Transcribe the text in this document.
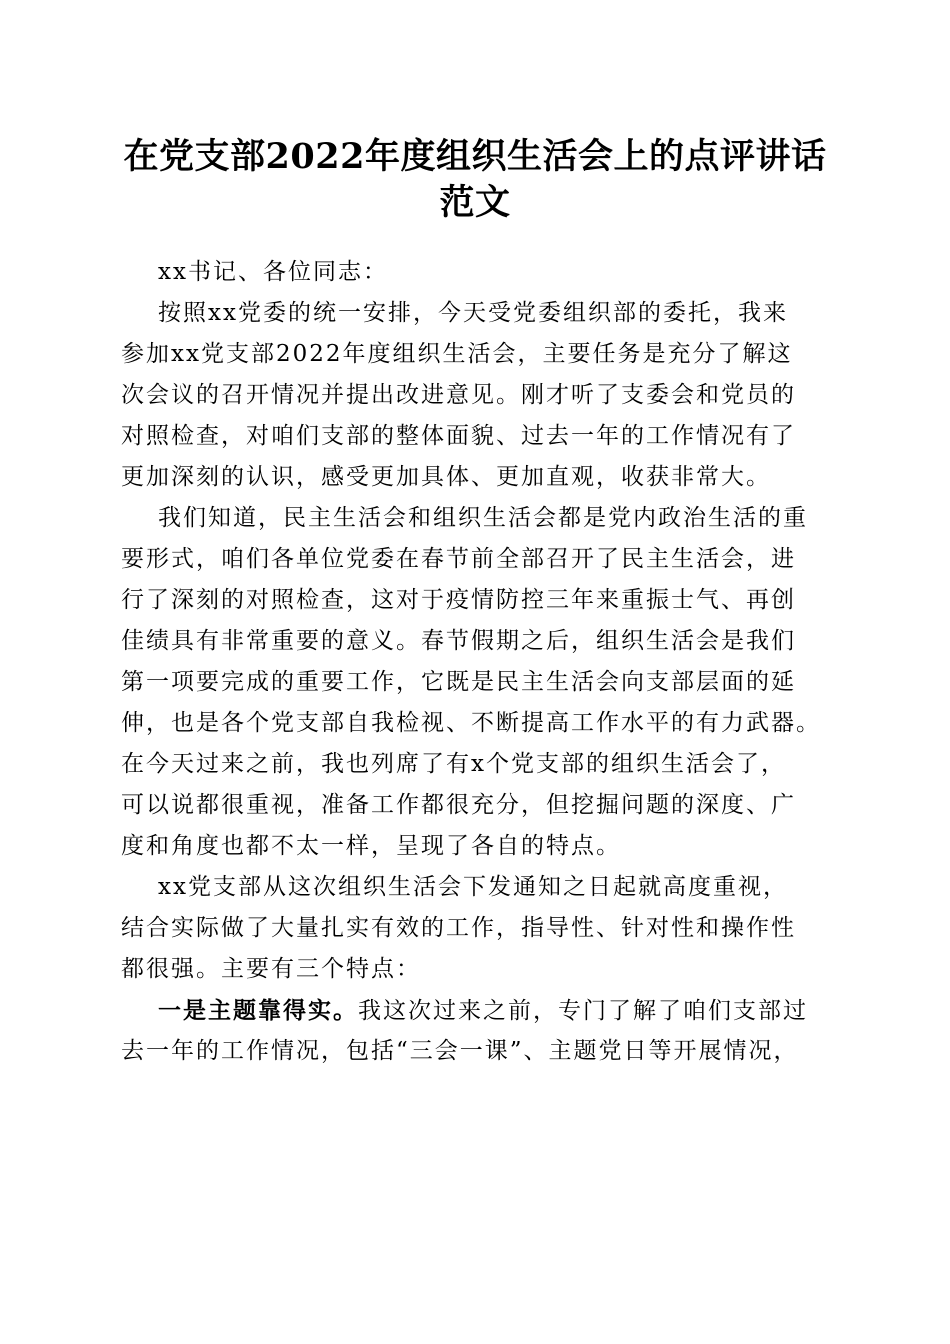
在党支部2022年度组织生活会上的点评讲话
范文
xx书记、各位同志：
按照xx党委的统一安排，今天受党委组织部的委托，我来
参加xx党支部2022年度组织生活会，主要任务是充分了解这
次会议的召开情况并提出改进意见。刚才听了支委会和党员的
对照检查，对咱们支部的整体面貌、过去一年的工作情况有了
更加深刻的认识，感受更加具体、更加直观，收获非常大。
我们知道，民主生活会和组织生活会都是党内政治生活的重
要形式，咱们各单位党委在春节前全部召开了民主生活会，进
行了深刻的对照检查，这对于疫情防控三年来重振士气、再创
佳绩具有非常重要的意义。春节假期之后，组织生活会是我们
第一项要完成的重要工作，它既是民主生活会向支部层面的延
伸，也是各个党支部自我检视、不断提高工作水平的有力武器。
在今天过来之前，我也列席了有x个党支部的组织生活会了，
可以说都很重视，准备工作都很充分，但挖掘问题的深度、广
度和角度也都不太一样，呈现了各自的特点。
xx党支部从这次组织生活会下发通知之日起就高度重视，
结合实际做了大量扎实有效的工作，指导性、针对性和操作性
都很强。主要有三个特点：
一是主题靠得实。我这次过来之前，专门了解了咱们支部过
去一年的工作情况，包括“三会一课”、主题党日等开展情况，
